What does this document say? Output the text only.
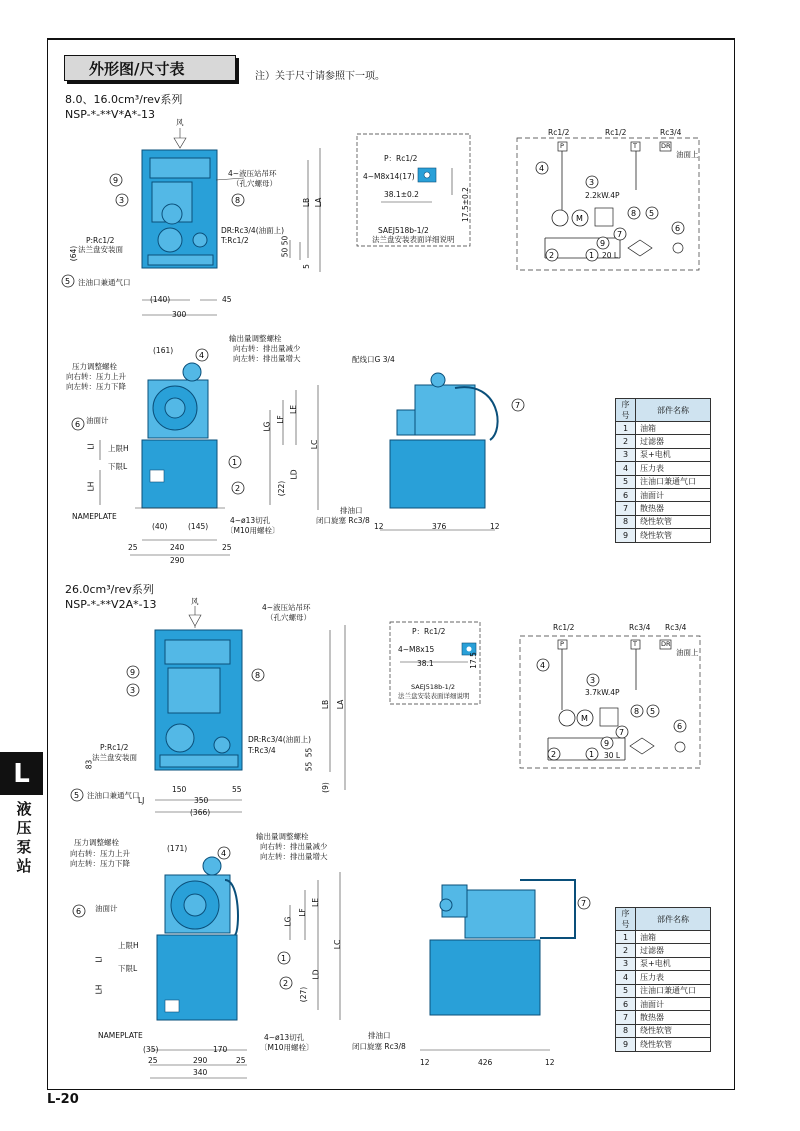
外形图/尺寸表	注）关于尺寸请参照下一项。
L
液压泵站
L-20
8.0、16.0cm³/rev系列
NSP-*-**V*A*-13
9
3	8
5
M
4
3
8 5
7
9
6
2	1
4
6
1
2
7
9
3
8
5
M
4
3
8 5
7
9
6
2	1
4
6
1
2
7
风
4~液压站吊环
（孔穴螺母）
DR:Rc3/4(油面上)
T:Rc1/2
P:Rc1/2
法兰盘安装面
注油口兼通气口
(64)
(140)	45
300
50
50
5
LB LA
P：Rc1/2
4~M8x14(17)
38.1±0.2	17.5±0.2
SAEJ518b-1/2
法兰盘安装表面详细说明
Rc1/2	Rc1/2	Rc3/4
P	T	DR
油面上
2.2kW.4P
20 L
输出量调整螺栓
向右转：排出量减少
向左转：排出量增大
压力调整螺栓
向右转：压力上升
向左转：压力下降
油面计
上限H
下限L
NAMEPLATE	4~ø13切孔
〔M10用螺栓〕
(161)
(40)	(145)
25	240	25
290
LG
LF
LE
LC
LD
(22)
LI
LH
配线口G 3/4
排油口
闭口旋塞 Rc3/8
12	376	12
序号	部件名称
1	油箱
2	过滤器
3	泵+电机
4	压力表
5	注油口兼通气口
6	油面计
7	散热器
8	绕性软管
9	绕性软管
26.0cm³/rev系列
NSP-*-**V2A*-13	风
4~液压站吊环
（孔穴螺母）
DR:Rc3/4(油面上)
T:Rc3/4
P:Rc1/2
法兰盘安装面
注油口兼通气口
83
150	55
350
(366)
LJ
55
55
(9)
LB LA
P：Rc1/2
4~M8x15
38.1	17.5
SAEJ518b-1/2
法兰盘安装表面详细说明
Rc1/2	Rc3/4 Rc3/4
P	T	DR
油面上
3.7kW.4P
30 L
输出量调整螺栓
向右转：排出量减少
向左转：排出量增大
压力调整螺栓
向右转：压力上升
向左转：压力下降
油面计
上限H
下限L
NAMEPLATE	4~ø13切孔
〔M10用螺栓〕
(171)
(35)
290
170
25	25
340
LG
LF
LE
LC
LD
(27)
LI
LH
排油口
闭口旋塞 Rc3/8
12	426	12
序号	部件名称
1	油箱
2	过滤器
3	泵+电机
4	压力表
5	注油口兼通气口
6	油面计
7	散热器
8	绕性软管
9	绕性软管
